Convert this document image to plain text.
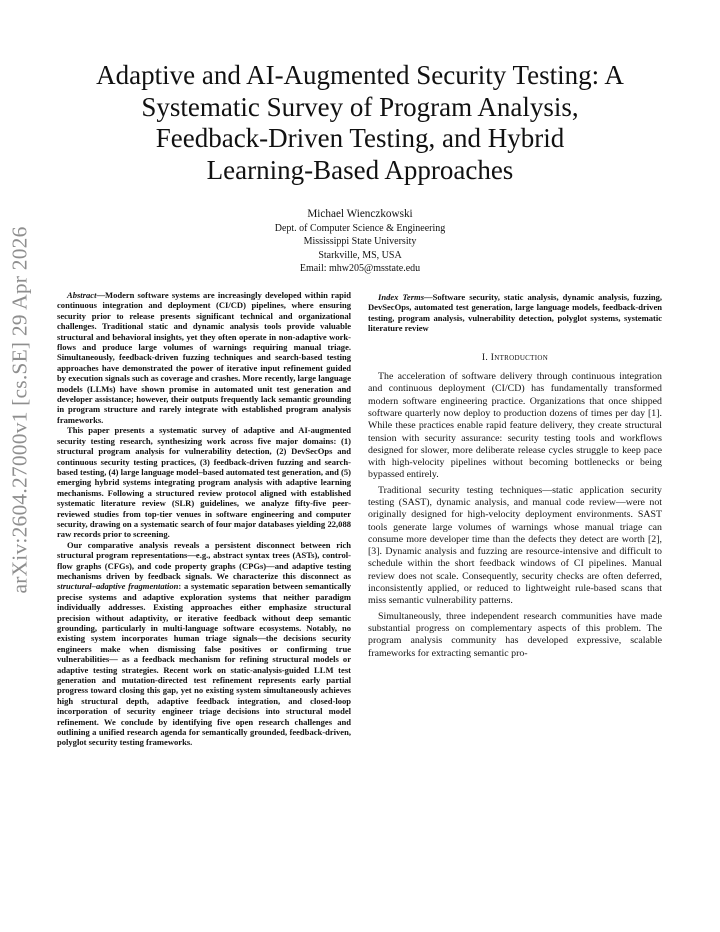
arXiv:2604.27000v1 [cs.SE] 29 Apr 2026
Adaptive and AI-Augmented Security Testing: A
Systematic Survey of Program Analysis,
Feedback-Driven Testing, and Hybrid
Learning-Based Approaches
Michael Wienczkowski
Dept. of Computer Science & Engineering
Mississippi State University
Starkville, MS, USA
Email: mhw205@msstate.edu

Abstract—Modern software systems are increasingly developed within rapid continuous integration and deployment (CI/CD) pipelines, where ensuring security prior to release presents significant technical and organizational challenges. Traditional static and dynamic analysis tools provide valuable structural and behavioral insights, yet they often operate in non-adaptive work-flows and produce large volumes of warnings requiring manual triage. Simultaneously, feedback-driven fuzzing techniques and search-based testing approaches have demonstrated the power of iterative input refinement guided by execution signals such as coverage and crashes. More recently, large language models (LLMs) have shown promise in automated unit test generation and developer assistance; however, their outputs frequently lack semantic grounding in program structure and rarely integrate with established program analysis frameworks.

This paper presents a systematic survey of adaptive and AI-augmented security testing research, synthesizing work across five major domains: (1) structural program analysis for vulnerability detection, (2) DevSecOps and continuous security testing practices, (3) feedback-driven fuzzing and search-based testing, (4) large language model–based automated test generation, and (5) emerging hybrid systems integrating program analysis with adaptive learning mechanisms. Following a structured review protocol aligned with established systematic literature review (SLR) guidelines, we analyze fifty-five peer-reviewed studies from top-tier venues in software engineering and computer security, drawing on a systematic search of four major databases yielding 22,088 raw records prior to screening.

Our comparative analysis reveals a persistent disconnect between rich structural program representations—e.g., abstract syntax trees (ASTs), control-flow graphs (CFGs), and code property graphs (CPGs)—and adaptive testing mechanisms driven by feedback signals. We characterize this disconnect as structural–adaptive fragmentation: a systematic separation between semantically precise systems and adaptive exploration systems that neither paradigm individually addresses. Existing approaches either emphasize structural precision without adaptivity, or iterative feedback without deep semantic grounding, particularly in multi-language software ecosystems. Notably, no existing system incorporates human triage signals—the decisions security engineers make when dismissing false positives or confirming true vulnerabilities— as a feedback mechanism for refining structural models or adaptive testing strategies. Recent work on static-analysis-guided LLM test generation and mutation-directed test refinement represents early partial progress toward closing this gap, yet no existing system simultaneously achieves high structural depth, adaptive feedback integration, and closed-loop incorporation of security engineer triage decisions into structural model refinement. We conclude by identifying five open research challenges and outlining a unified research agenda for semantically grounded, feedback-driven, polyglot security testing frameworks.

Index Terms—Software security, static analysis, dynamic analysis, fuzzing, DevSecOps, automated test generation, large language models, feedback-driven testing, program analysis, vulnerability detection, polyglot systems, systematic literature review

I. Introduction

The acceleration of software delivery through continuous integration and continuous deployment (CI/CD) has fundamentally transformed modern software engineering practice. Organizations that once shipped software quarterly now deploy to production dozens of times per day [1]. While these practices enable rapid feature delivery, they create structural tension with security assurance: security testing tools and workflows designed for slower, more deliberate release cycles struggle to keep pace with high-velocity pipelines without becoming bottlenecks or being bypassed entirely.

Traditional security testing techniques—static application security testing (SAST), dynamic analysis, and manual code review—were not originally designed for high-velocity deployment environments. SAST tools generate large volumes of warnings whose manual triage can consume more developer time than the defects they detect are worth [2], [3]. Dynamic analysis and fuzzing are resource-intensive and difficult to schedule within the short feedback windows of CI pipelines. Manual review does not scale. Consequently, security checks are often deferred, inconsistently applied, or reduced to lightweight rule-based scans that miss semantic vulnerability patterns.

Simultaneously, three independent research communities have made substantial progress on complementary aspects of this problem. The program analysis community has developed expressive, scalable frameworks for extracting semantic pro-
